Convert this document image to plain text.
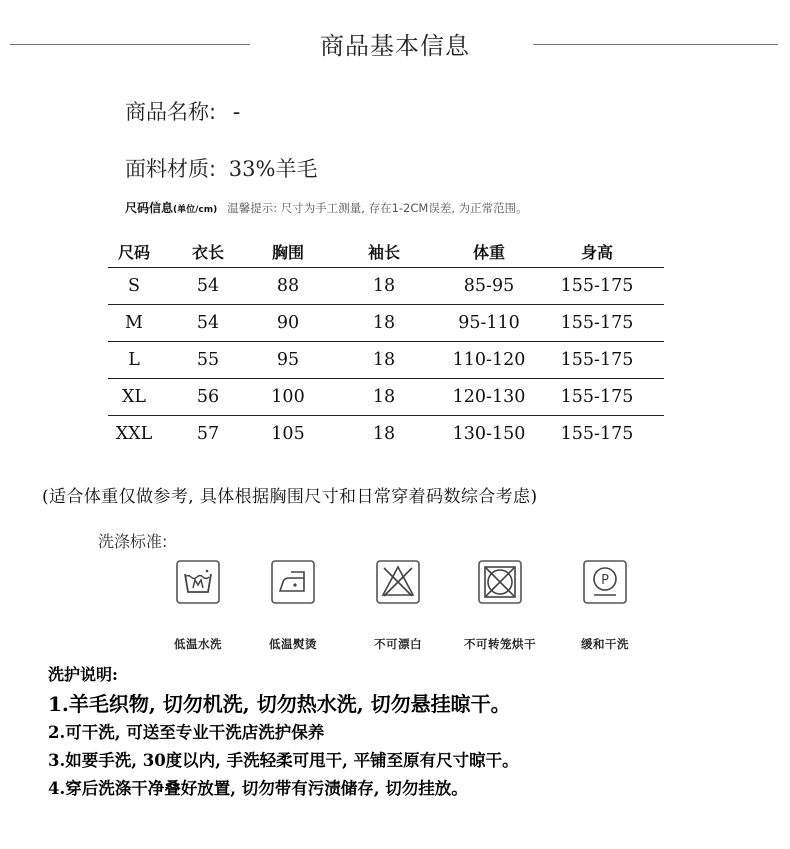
商品基本信息
商品名称: -
面料材质: 33%羊毛
尺码信息(单位/cm) 温馨提示: 尺寸为手工测量, 存在1-2CM误差, 为正常范围。
尺码	衣长	胸围	袖长	体重	身高
S	54	88	18	85-95	155-175
M	54	90	18	95-110	155-175
L	55	95	18	110-120	155-175
XL	56	100	18	120-130	155-175
XXL	57	105	18	130-150	155-175
(适合体重仅做参考, 具体根据胸围尺寸和日常穿着码数综合考虑)
洗涤标准:
低温水洗	低温熨烫	不可漂白	不可转笼烘干
P
缓和干洗
洗护说明:
1.羊毛织物, 切勿机洗, 切勿热水洗, 切勿悬挂晾干。
2.可干洗, 可送至专业干洗店洗护保养
3.如要手洗, 30度以内, 手洗轻柔可甩干, 平铺至原有尺寸晾干。
4.穿后洗涤干净叠好放置, 切勿带有污渍储存, 切勿挂放。
